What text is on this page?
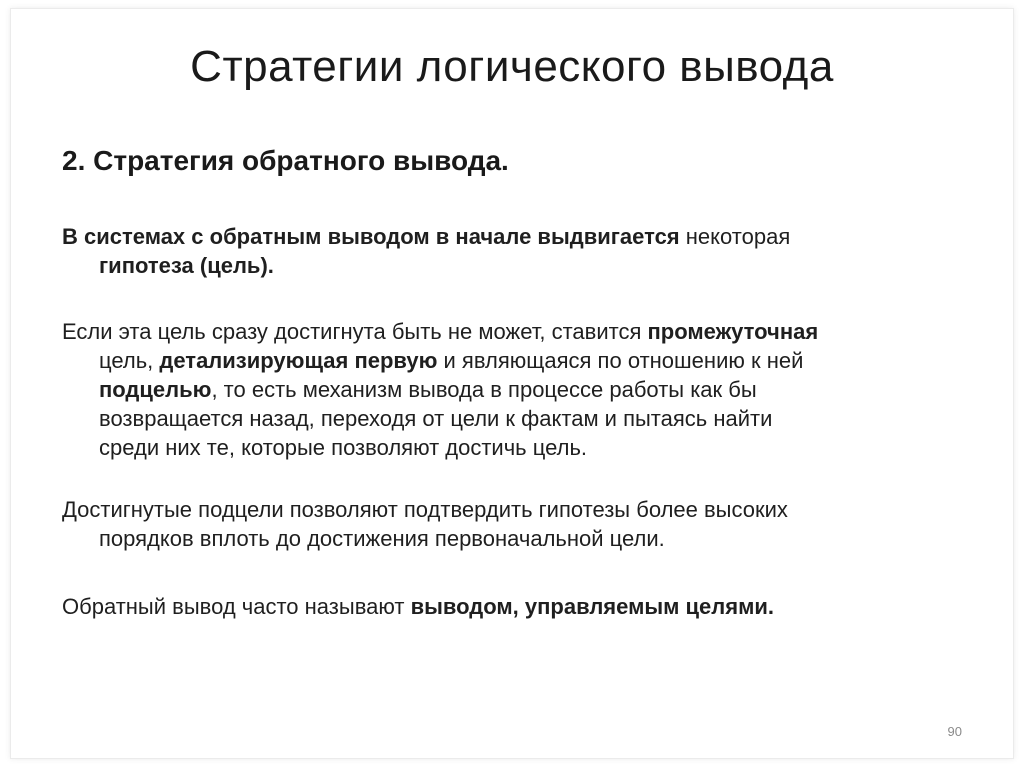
Стратегии логического вывода
2. Стратегия обратного вывода.
В системах с обратным выводом в начале выдвигается некоторая
гипотеза (цель).
Если эта цель сразу достигнута быть не может, ставится промежуточная
цель, детализирующая первую и являющаяся по отношению к ней
подцелью, то есть механизм вывода в процессе работы как бы
возвращается назад, переходя от цели к фактам и пытаясь найти
среди них те, которые позволяют достичь цель.
Достигнутые подцели позволяют подтвердить гипотезы более высоких
порядков вплоть до достижения первоначальной цели.
Обратный вывод часто называют выводом, управляемым целями.
90
